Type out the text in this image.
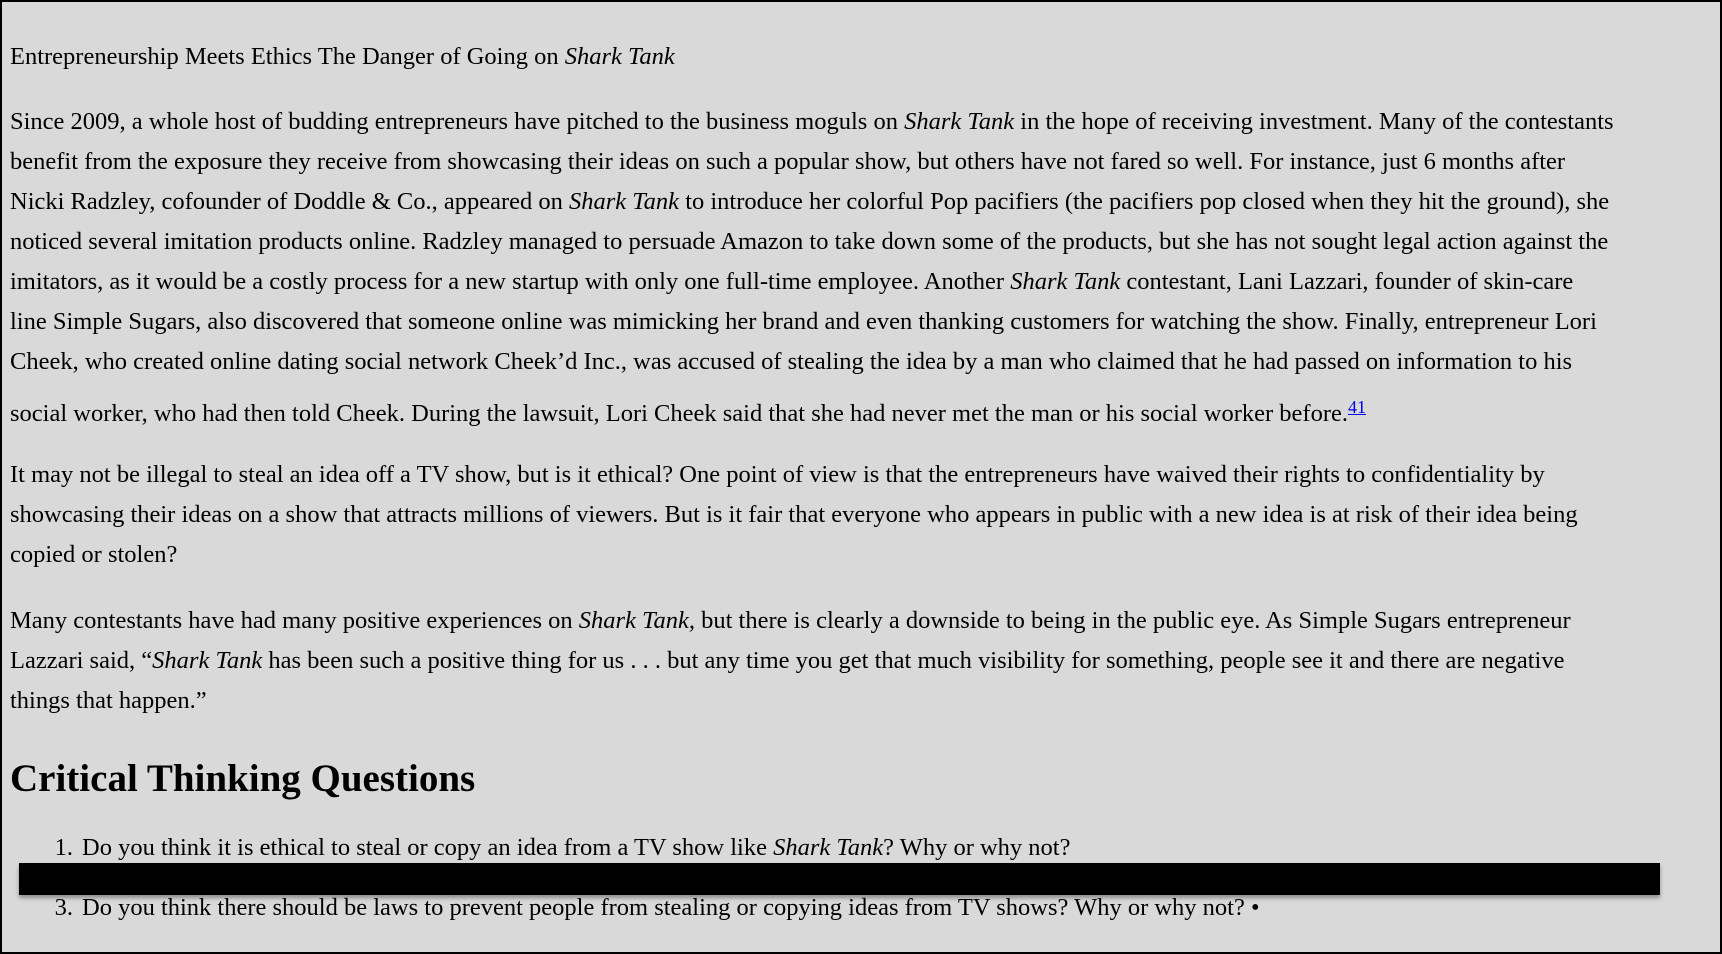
Entrepreneurship Meets Ethics The Danger of Going on Shark Tank
Since 2009, a whole host of budding entrepreneurs have pitched to the business moguls on Shark Tank in the hope of receiving investment. Many of the contestants
benefit from the exposure they receive from showcasing their ideas on such a popular show, but others have not fared so well. For instance, just 6 months after
Nicki Radzley, cofounder of Doddle & Co., appeared on Shark Tank to introduce her colorful Pop pacifiers (the pacifiers pop closed when they hit the ground), she
noticed several imitation products online. Radzley managed to persuade Amazon to take down some of the products, but she has not sought legal action against the
imitators, as it would be a costly process for a new startup with only one full-time employee. Another Shark Tank contestant, Lani Lazzari, founder of skin-care
line Simple Sugars, also discovered that someone online was mimicking her brand and even thanking customers for watching the show. Finally, entrepreneur Lori
Cheek, who created online dating social network Cheek’d Inc., was accused of stealing the idea by a man who claimed that he had passed on information to his
social worker, who had then told Cheek. During the lawsuit, Lori Cheek said that she had never met the man or his social worker before.$^{41}$
It may not be illegal to steal an idea off a TV show, but is it ethical? One point of view is that the entrepreneurs have waived their rights to confidentiality by
showcasing their ideas on a show that attracts millions of viewers. But is it fair that everyone who appears in public with a new idea is at risk of their idea being
copied or stolen?
Many contestants have had many positive experiences on Shark Tank, but there is clearly a downside to being in the public eye. As Simple Sugars entrepreneur
Lazzari said, “Shark Tank has been such a positive thing for us . . . but any time you get that much visibility for something, people see it and there are negative
things that happen.”
Critical Thinking Questions
1. Do you think it is ethical to steal or copy an idea from a TV show like Shark Tank? Why or why not?
3. Do you think there should be laws to prevent people from stealing or copying ideas from TV shows? Why or why not? •
